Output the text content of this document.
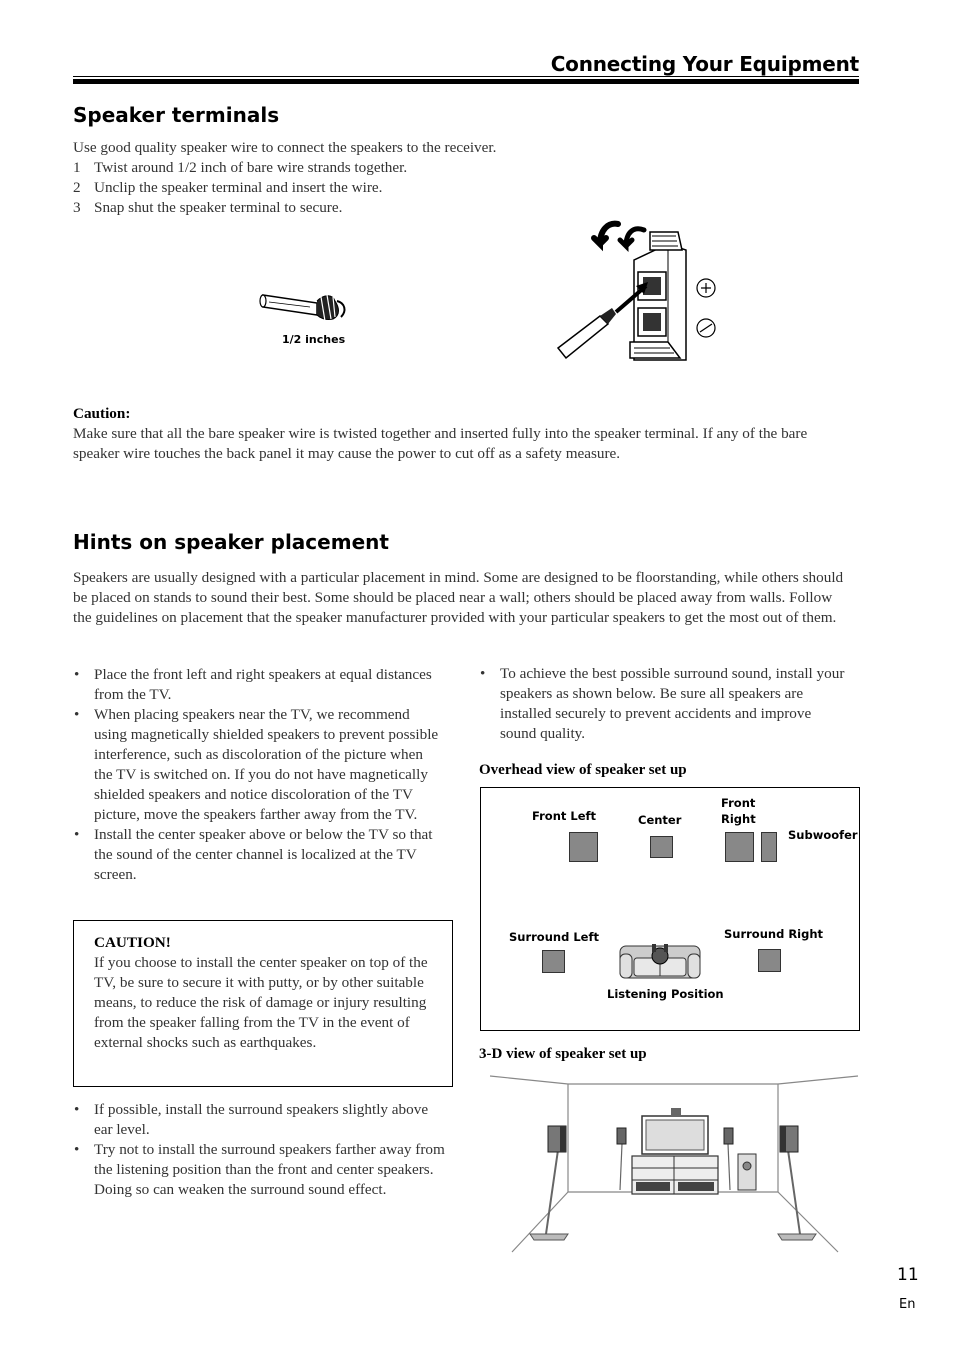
Connecting Your Equipment
Speaker terminals
Use good quality speaker wire to connect the speakers to the receiver.
1 Twist around 1/2 inch of bare wire strands together.
2 Unclip the speaker terminal and insert the wire.
3 Snap shut the speaker terminal to secure.
1/2 inches
Caution:
Make sure that all the bare speaker wire is twisted together and inserted fully into the speaker terminal. If any of the bare speaker wire touches the back panel it may cause the power to cut off as a safety measure.
Hints on speaker placement
Speakers are usually designed with a particular placement in mind. Some are designed to be floorstanding, while others should be placed on stands to sound their best. Some should be placed near a wall; others should be placed away from walls. Follow the guidelines on placement that the speaker manufacturer provided with your particular speakers to get the most out of them.
• Place the front left and right speakers at equal distances from the TV.
• When placing speakers near the TV, we recommend using magnetically shielded speakers to prevent possible interference, such as discoloration of the picture when the TV is switched on. If you do not have magnetically shielded speakers and notice discoloration of the TV picture, move the speakers farther away from the TV.
• Install the center speaker above or below the TV so that the sound of the center channel is localized at the TV screen.
CAUTION!
If you choose to install the center speaker on top of the TV, be sure to secure it with putty, or by other suitable means, to reduce the risk of damage or injury resulting from the speaker falling from the TV in the event of external shocks such as earthquakes.
• If possible, install the surround speakers slightly above ear level.
• Try not to install the surround speakers farther away from the listening position than the front and center speakers. Doing so can weaken the surround sound effect.
• To achieve the best possible surround sound, install your speakers as shown below. Be sure all speakers are installed securely to prevent accidents and improve sound quality.
Overhead view of speaker set up
Front Left	Center
Front
Right
Subwoofer
Surround Left	Surround Right
Listening Position
3-D view of speaker set up
11
En
